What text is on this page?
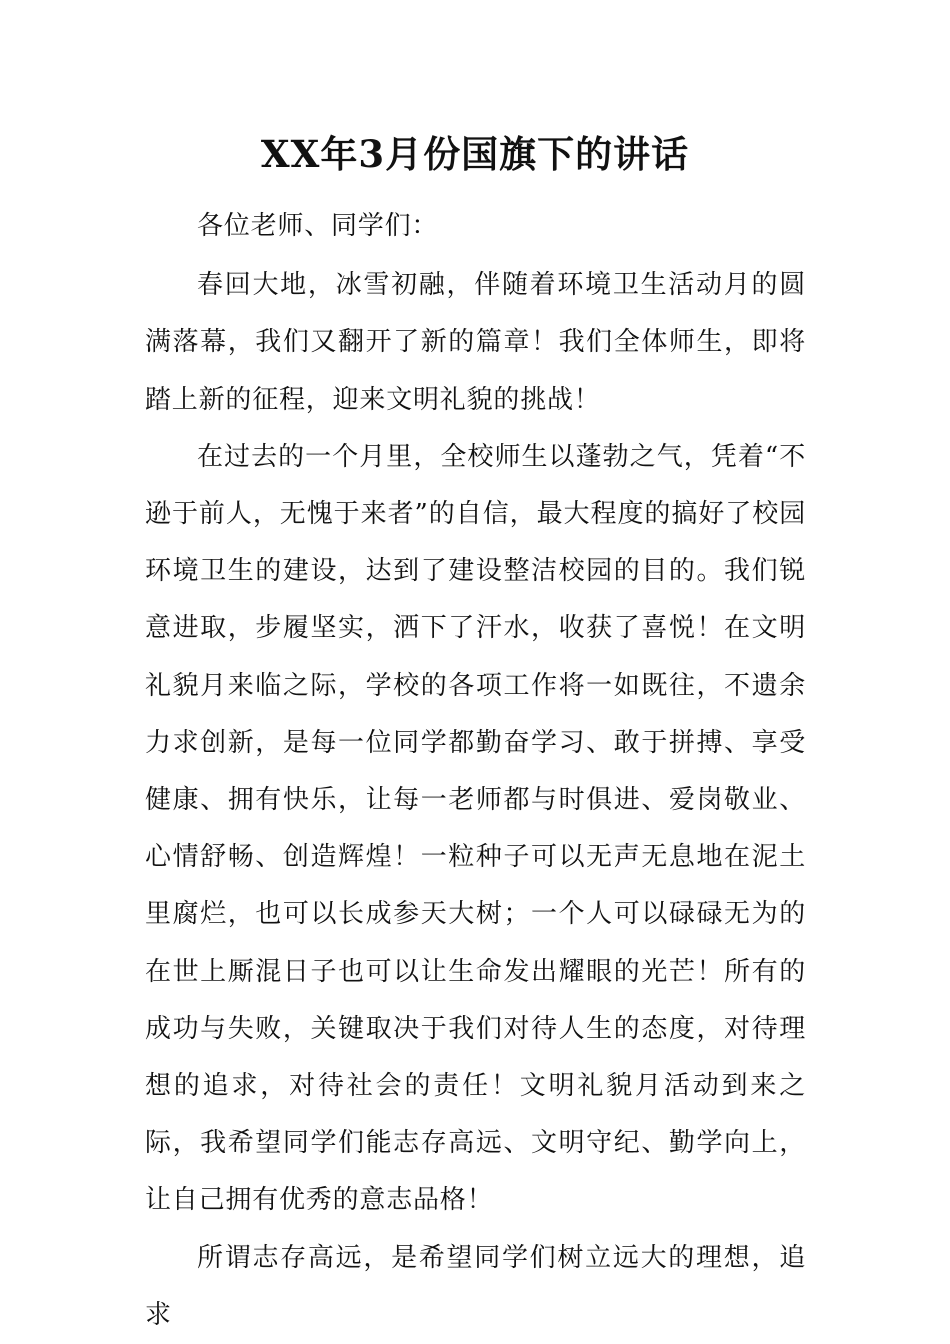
XX年3月份国旗下的讲话

各位老师、同学们：

春回大地，冰雪初融，伴随着环境卫生活动月的圆满落幕，我们又翻开了新的篇章！我们全体师生，即将踏上新的征程，迎来文明礼貌的挑战！

在过去的一个月里，全校师生以蓬勃之气，凭着“不逊于前人，无愧于来者”的自信，最大程度的搞好了校园环境卫生的建设，达到了建设整洁校园的目的。我们锐意进取，步履坚实，洒下了汗水，收获了喜悦！在文明礼貌月来临之际，学校的各项工作将一如既往，不遗余力求创新，是每一位同学都勤奋学习、敢于拼搏、享受健康、拥有快乐，让每一老师都与时俱进、爱岗敬业、心情舒畅、创造辉煌！一粒种子可以无声无息地在泥土里腐烂，也可以长成参天大树；一个人可以碌碌无为的在世上厮混日子也可以让生命发出耀眼的光芒！所有的成功与失败，关键取决于我们对待人生的态度，对待理想的追求，对待社会的责任！文明礼貌月活动到来之际，我希望同学们能志存高远、文明守纪、勤学向上，让自己拥有优秀的意志品格！

所谓志存高远，是希望同学们树立远大的理想，追求
